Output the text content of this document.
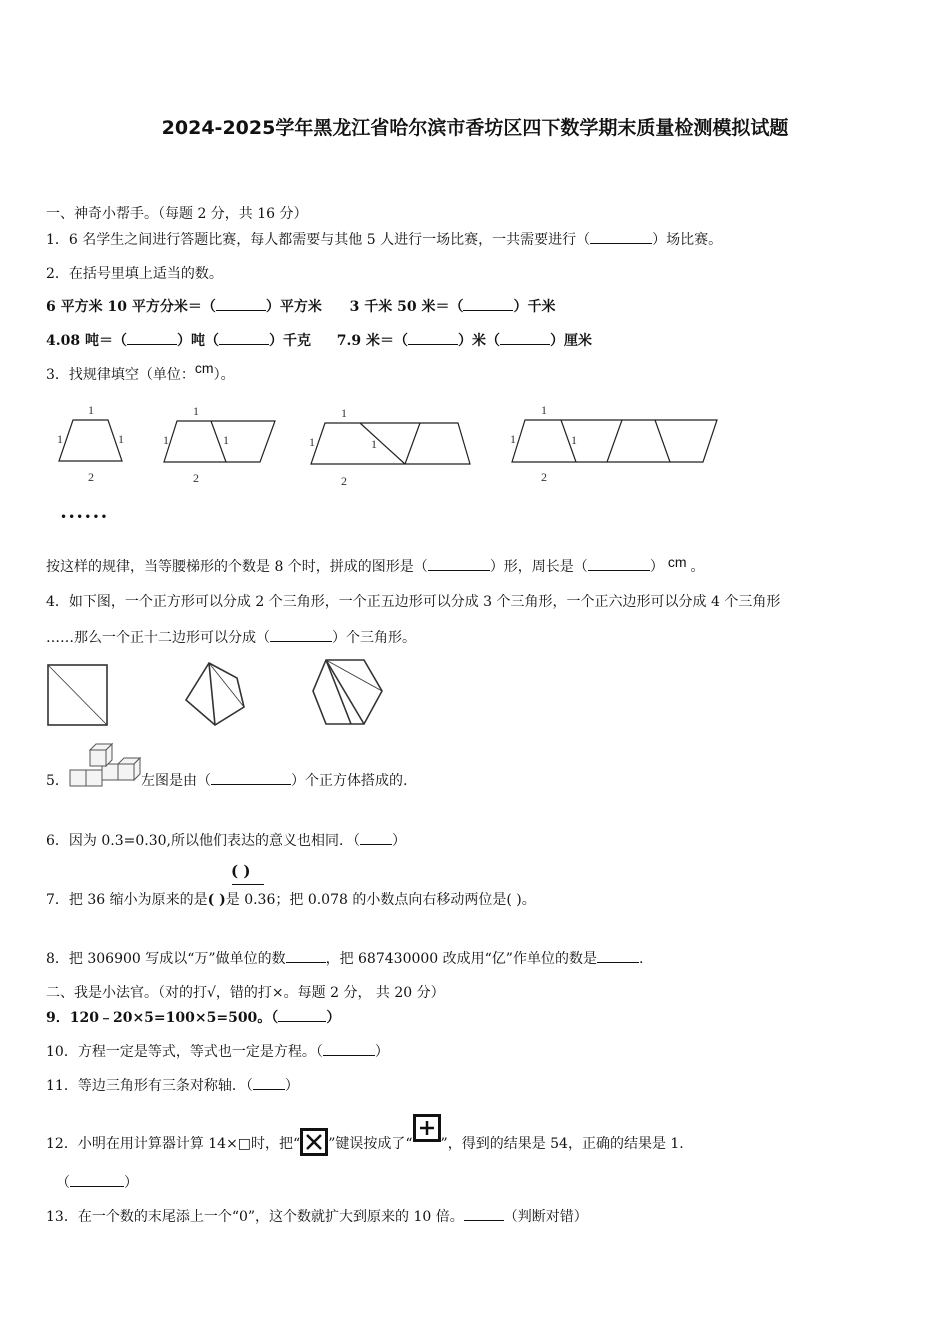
2024-2025学年黑龙江省哈尔滨市香坊区四下数学期末质量检测模拟试题
一、神奇小帮手。（每题 2 分，共 16 分）
1．6 名学生之间进行答题比赛，每人都需要与其他 5 人进行一场比赛，一共需要进行（	）场比赛。
2．在括号里填上适当的数。
6 平方米 10 平方分米＝（	）平方米 3 千米 50 米＝（	）千米
4.08 吨＝（	）吨（	）千克 7.9 米＝（	）米（	）厘米
3．找规律填空（单位：cm）。
1
1	1
2
1
1	1
2
1
1	1
2
1
1	1
2
••••••
按这样的规律，当等腰梯形的个数是 8 个时，拼成的图形是（	）形，周长是（	） cm 。
4．如下图，一个正方形可以分成 2 个三角形，一个正五边形可以分成 3 个三角形，一个正六边形可以分成 4 个三角形
……那么一个正十二边形可以分成（	）个三角形。
5．	左图是由（	）个正方体搭成的.
6．因为 0.3=0.30,所以他们表达的意义也相同．（ ）
( )
7．把 36 缩小为原来的是( )是 0.36；把 0.078 的小数点向右移动两位是( )。
8．把 306900 写成以“万”做单位的数	，把 687430000 改成用“亿”作单位的数是	.
二、我是小法官。（对的打√，错的打×。每题 2 分， 共 20 分）
9．120﹣20×5=100×5=500。（	）
10．方程一定是等式，等式也一定是方程。（	）
11．等边三角形有三条对称轴．（ ）
12．小明在用计算器计算 14×□时，把“ ”键误按成了“ ”，得到的结果是 54，正确的结果是 1.
（	）
13．在一个数的末尾添上一个“0”，这个数就扩大到原来的 10 倍。	（判断对错）
